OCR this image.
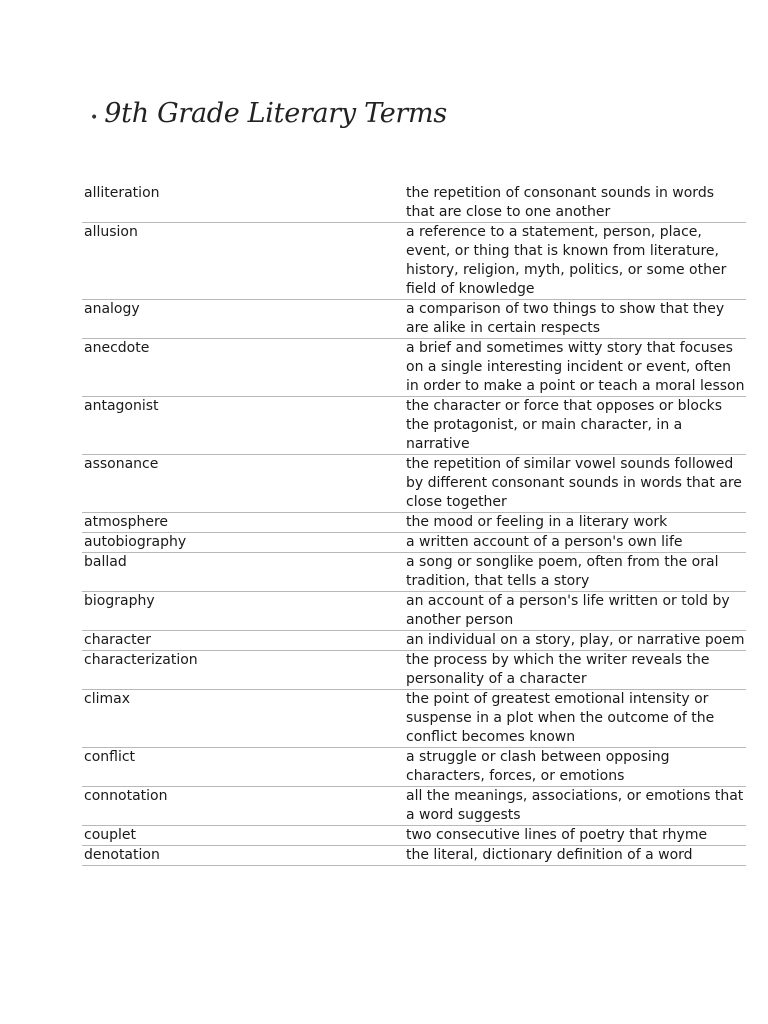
• 9th Grade Literary Terms
alliteration	the repetition of consonant sounds in words that are close to one another
allusion	a reference to a statement, person, place, event, or thing that is known from literature, history, religion, myth, politics, or some other field of knowledge
analogy	a comparison of two things to show that they are alike in certain respects
anecdote	a brief and sometimes witty story that focuses on a single interesting incident or event, often in order to make a point or teach a moral lesson
antagonist	the character or force that opposes or blocks the protagonist, or main character, in a narrative
assonance	the repetition of similar vowel sounds followed by different consonant sounds in words that are close together
atmosphere	the mood or feeling in a literary work
autobiography	a written account of a person's own life
ballad	a song or songlike poem, often from the oral tradition, that tells a story
biography	an account of a person's life written or told by another person
character	an individual on a story, play, or narrative poem
characterization	the process by which the writer reveals the personality of a character
climax	the point of greatest emotional intensity or suspense in a plot when the outcome of the conflict becomes known
conflict	a struggle or clash between opposing characters, forces, or emotions
connotation	all the meanings, associations, or emotions that a word suggests
couplet	two consecutive lines of poetry that rhyme
denotation	the literal, dictionary definition of a word
